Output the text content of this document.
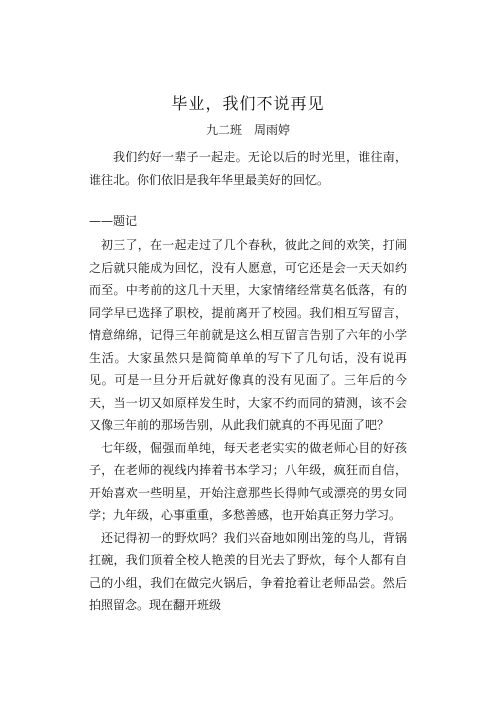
毕业，我们不说再见
九二班　周雨婷
我们约好一辈子一起走。无论以后的时光里，谁往南，谁往北。你们依旧是我年华里最美好的回忆。
——题记

初三了，在一起走过了几个春秋，彼此之间的欢笑，打闹之后就只能成为回忆，没有人愿意，可它还是会一天天如约而至。中考前的这几十天里，大家情绪经常莫名低落，有的同学早已选择了职校，提前离开了校园。我们相互写留言，情意绵绵，记得三年前就是这么相互留言告别了六年的小学生活。大家虽然只是简简单单的写下了几句话，没有说再见。可是一旦分开后就好像真的没有见面了。三年后的今天，当一切又如原样发生时，大家不约而同的猜测，该不会又像三年前的那场告别，从此我们就真的不再见面了吧？

七年级，倔强而单纯，每天老老实实的做老师心目的好孩子，在老师的视线内捧着书本学习；八年级，疯狂而自信，开始喜欢一些明星，开始注意那些长得帅气或漂亮的男女同学；九年级，心事重重，多愁善感，也开始真正努力学习。

还记得初一的野炊吗？我们兴奋地如刚出笼的鸟儿，背锅扛碗，我们顶着全校人艳羡的目光去了野炊，每个人都有自己的小组，我们在做完火锅后，争着抢着让老师品尝。然后拍照留念。现在翻开班级
